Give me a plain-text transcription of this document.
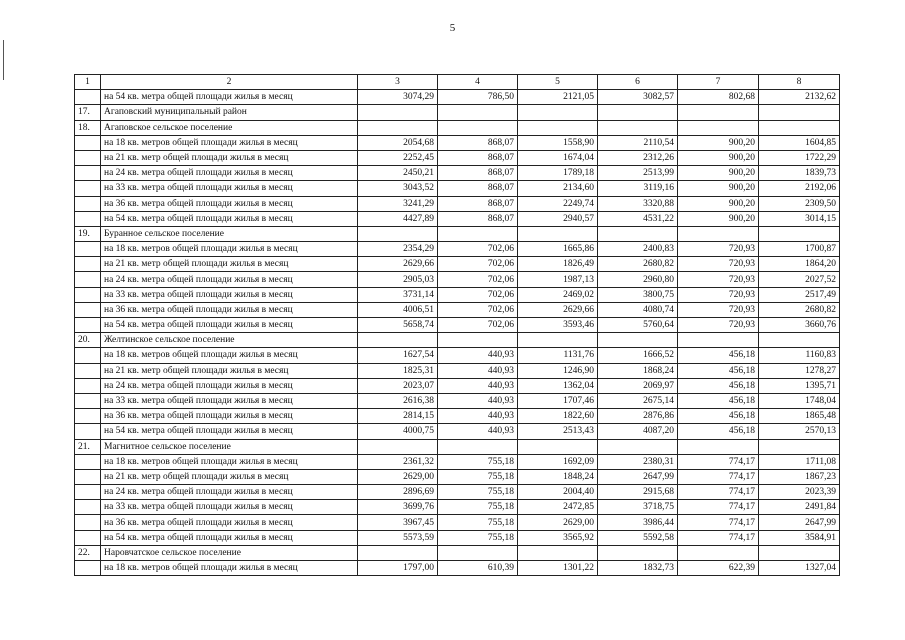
5
1	2	3	4	5	6	7	8
	на 54 кв. метра общей площади жилья в месяц	3074,29	786,50	2121,05	3082,57	802,68	2132,62
17.	Агаповский муниципальный район						
18.	Агаповское сельское поселение						
	на 18 кв. метров общей площади жилья в месяц	2054,68	868,07	1558,90	2110,54	900,20	1604,85
	на 21 кв. метр общей площади жилья в месяц	2252,45	868,07	1674,04	2312,26	900,20	1722,29
	на 24 кв. метра общей площади жилья в месяц	2450,21	868,07	1789,18	2513,99	900,20	1839,73
	на 33 кв. метра общей площади жилья в месяц	3043,52	868,07	2134,60	3119,16	900,20	2192,06
	на 36 кв. метра общей площади жилья в месяц	3241,29	868,07	2249,74	3320,88	900,20	2309,50
	на 54 кв. метра общей площади жилья в месяц	4427,89	868,07	2940,57	4531,22	900,20	3014,15
19.	Буранное сельское поселение						
	на 18 кв. метров общей площади жилья в месяц	2354,29	702,06	1665,86	2400,83	720,93	1700,87
	на 21 кв. метр общей площади жилья в месяц	2629,66	702,06	1826,49	2680,82	720,93	1864,20
	на 24 кв. метра общей площади жилья в месяц	2905,03	702,06	1987,13	2960,80	720,93	2027,52
	на 33 кв. метра общей площади жилья в месяц	3731,14	702,06	2469,02	3800,75	720,93	2517,49
	на 36 кв. метра общей площади жилья в месяц	4006,51	702,06	2629,66	4080,74	720,93	2680,82
	на 54 кв. метра общей площади жилья в месяц	5658,74	702,06	3593,46	5760,64	720,93	3660,76
20.	Желтинское сельское поселение						
	на 18 кв. метров общей площади жилья в месяц	1627,54	440,93	1131,76	1666,52	456,18	1160,83
	на 21 кв. метр общей площади жилья в месяц	1825,31	440,93	1246,90	1868,24	456,18	1278,27
	на 24 кв. метра общей площади жилья в месяц	2023,07	440,93	1362,04	2069,97	456,18	1395,71
	на 33 кв. метра общей площади жилья в месяц	2616,38	440,93	1707,46	2675,14	456,18	1748,04
	на 36 кв. метра общей площади жилья в месяц	2814,15	440,93	1822,60	2876,86	456,18	1865,48
	на 54 кв. метра общей площади жилья в месяц	4000,75	440,93	2513,43	4087,20	456,18	2570,13
21.	Магнитное сельское поселение						
	на 18 кв. метров общей площади жилья в месяц	2361,32	755,18	1692,09	2380,31	774,17	1711,08
	на 21 кв. метр общей площади жилья в месяц	2629,00	755,18	1848,24	2647,99	774,17	1867,23
	на 24 кв. метра общей площади жилья в месяц	2896,69	755,18	2004,40	2915,68	774,17	2023,39
	на 33 кв. метра общей площади жилья в месяц	3699,76	755,18	2472,85	3718,75	774,17	2491,84
	на 36 кв. метра общей площади жилья в месяц	3967,45	755,18	2629,00	3986,44	774,17	2647,99
	на 54 кв. метра общей площади жилья в месяц	5573,59	755,18	3565,92	5592,58	774,17	3584,91
22.	Наровчатское сельское поселение						
	на 18 кв. метров общей площади жилья в месяц	1797,00	610,39	1301,22	1832,73	622,39	1327,04
